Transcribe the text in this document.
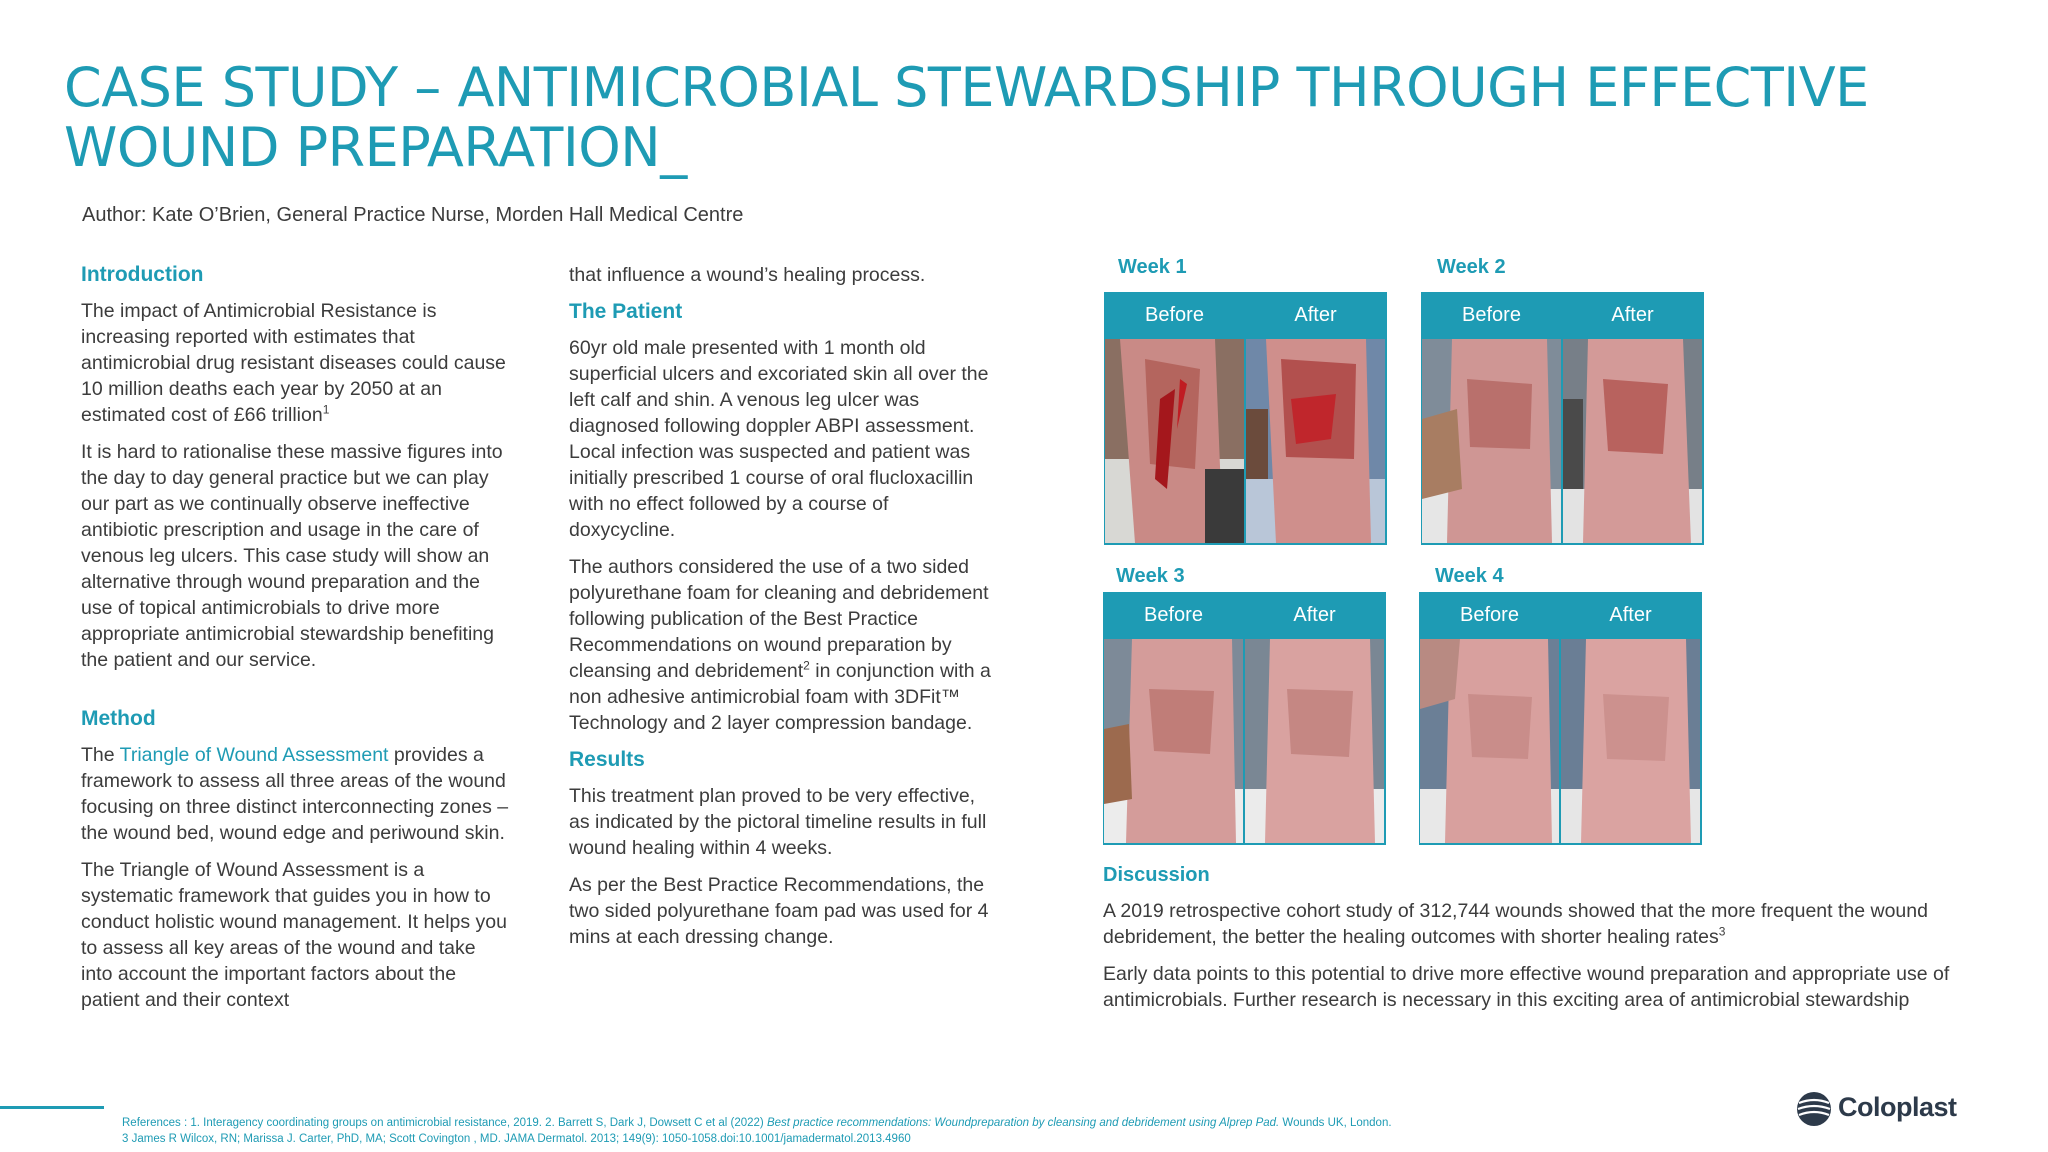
CASE STUDY – ANTIMICROBIAL STEWARDSHIP THROUGH EFFECTIVE
WOUND PREPARATION_
Author: Kate O’Brien, General Practice Nurse, Morden Hall Medical Centre
Introduction

The impact of Antimicrobial Resistance is increasing reported with estimates that antimicrobial drug resistant diseases could cause 10 million deaths each year by 2050 at an estimated cost of £66 trillion$^1$

It is hard to rationalise these massive figures into the day to day general practice but we can play our part as we continually observe ineffective antibiotic prescription and usage in the care of venous leg ulcers. This case study will show an alternative through wound preparation and the use of topical antimicrobials to drive more appropriate antimicrobial stewardship benefiting the patient and our service.

Method

The Triangle of Wound Assessment provides a framework to assess all three areas of the wound focusing on three distinct interconnecting zones – the wound bed, wound edge and periwound skin.

The Triangle of Wound Assessment is a systematic framework that guides you in how to conduct holistic wound management. It helps you to assess all key areas of the wound and take into account the important factors about the patient and their context

that influence a wound’s healing process.

The Patient

60yr old male presented with 1 month old superficial ulcers and excoriated skin all over the left calf and shin. A venous leg ulcer was diagnosed following doppler ABPI assessment. Local infection was suspected and patient was initially prescribed 1 course of oral flucloxacillin with no effect followed by a course of doxycycline.

The authors considered the use of a two sided polyurethane foam for cleaning and debridement following publication of the Best Practice Recommendations on wound preparation by cleansing and debridement$^2$ in conjunction with a non adhesive antimicrobial foam with 3DFit™ Technology and 2 layer compression bandage.

Results

This treatment plan proved to be very effective, as indicated by the pictoral timeline results in full wound healing within 4 weeks.

As per the Best Practice Recommendations, the two sided polyurethane foam pad was used for 4 mins at each dressing change.

Week 1
Before	After
Week 2
Before	After
Week 3
Before	After
Week 4
Before	After
Discussion

A 2019 retrospective cohort study of 312,744 wounds showed that the more frequent the wound debridement, the better the healing outcomes with shorter healing rates$^3$

Early data points to this potential to drive more effective wound preparation and appropriate use of antimicrobials. Further research is necessary in this exciting area of antimicrobial stewardship

References : 1. Interagency coordinating groups on antimicrobial resistance, 2019. 2. Barrett S, Dark J, Dowsett C et al (2022) Best practice recommendations: Woundpreparation by cleansing and debridement using Alprep Pad. Wounds UK, London.
3 James R Wilcox, RN; Marissa J. Carter, PhD, MA; Scott Covington , MD. JAMA Dermatol. 2013; 149(9): 1050-1058.doi:10.1001/jamadermatol.2013.4960
Coloplast
